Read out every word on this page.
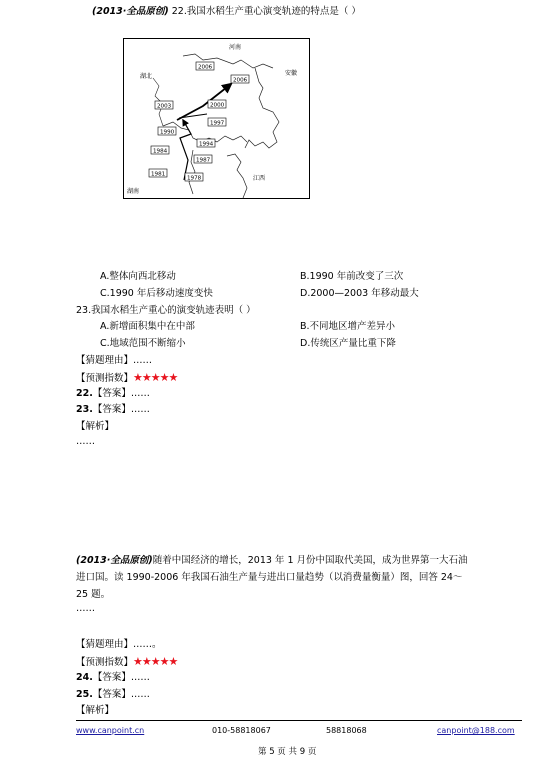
(2013·全品原创) 22.我国水稻生产重心演变轨迹的特点是（ ）
河南
安徽
湖北
江西
湖南
2006
2006
2003	2000
1997
1990
1994
1984
1987
1981
1978
A.整体向西北移动	B.1990 年前改变了三次
C.1990 年后移动速度变快	D.2000—2003 年移动最大
23.我国水稻生产重心的演变轨迹表明（ ）
A.新增面积集中在中部	B.不同地区增产差异小
C.地域范围不断缩小	D.传统区产量比重下降
【猜题理由】……
【预测指数】★★★★★
22.【答案】……
23.【答案】……
【解析】
……
(2013·全品原创)随着中国经济的增长，2013 年 1 月份中国取代美国，成为世界第一大石油
进口国。读 1990-2006 年我国石油生产量与进出口量趋势（以消费量衡量）图，回答 24～
25 题。
……
【猜题理由】……。
【预测指数】★★★★★
24.【答案】……
25.【答案】……
【解析】
www.canpoint.cn	010-58818067	58818068	canpoint@188.com
第 5 页 共 9 页
